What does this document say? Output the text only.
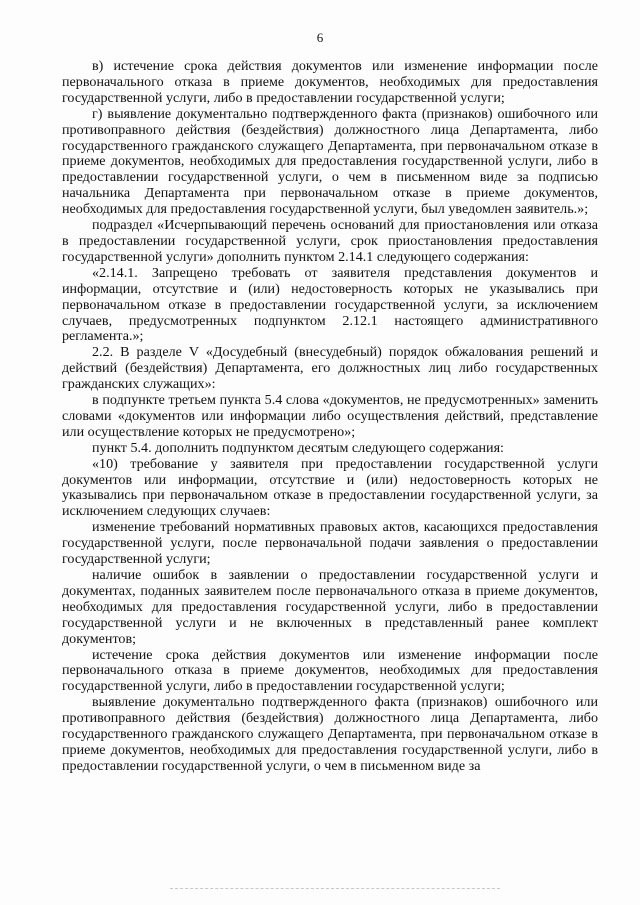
6

в) истечение срока действия документов или изменение информации после первоначального отказа в приеме документов, необходимых для предоставления государственной услуги, либо в предоставлении государственной услуги;

г) выявление документально подтвержденного факта (признаков) ошибочного или противоправного действия (бездействия) должностного лица Департамента, либо государственного гражданского служащего Департамента, при первоначальном отказе в приеме документов, необходимых для предоставления государственной услуги, либо в предоставлении государственной услуги, о чем в письменном виде за подписью начальника Департамента при первоначальном отказе в приеме документов, необходимых для предоставления государственной услуги, был уведомлен заявитель.»;

подраздел «Исчерпывающий перечень оснований для приостановления или отказа в предоставлении государственной услуги, срок приостановления предоставления государственной услуги» дополнить пунктом 2.14.1 следующего содержания:

«2.14.1. Запрещено требовать от заявителя представления документов и информации, отсутствие и (или) недостоверность которых не указывались при первоначальном отказе в предоставлении государственной услуги, за исключением случаев, предусмотренных подпунктом 2.12.1 настоящего административного регламента.»;

2.2. В разделе V «Досудебный (внесудебный) порядок обжалования решений и действий (бездействия) Департамента, его должностных лиц либо государственных гражданских служащих»:

в подпункте третьем пункта 5.4 слова «документов, не предусмотренных» заменить словами «документов или информации либо осуществления действий, представление или осуществление которых не предусмотрено»;

пункт 5.4. дополнить подпунктом десятым следующего содержания:

«10) требование у заявителя при предоставлении государственной услуги документов или информации, отсутствие и (или) недостоверность которых не указывались при первоначальном отказе в предоставлении государственной услуги, за исключением следующих случаев:

изменение требований нормативных правовых актов, касающихся предоставления государственной услуги, после первоначальной подачи заявления о предоставлении государственной услуги;

наличие ошибок в заявлении о предоставлении государственной услуги и документах, поданных заявителем после первоначального отказа в приеме документов, необходимых для предоставления государственной услуги, либо в предоставлении государственной услуги и не включенных в представленный ранее комплект документов;

истечение срока действия документов или изменение информации после первоначального отказа в приеме документов, необходимых для предоставления государственной услуги, либо в предоставлении государственной услуги;

выявление документально подтвержденного факта (признаков) ошибочного или противоправного действия (бездействия) должностного лица Департамента, либо государственного гражданского служащего Департамента, при первоначальном отказе в приеме документов, необходимых для предоставления государственной услуги, либо в предоставлении государственной услуги, о чем в письменном виде за
